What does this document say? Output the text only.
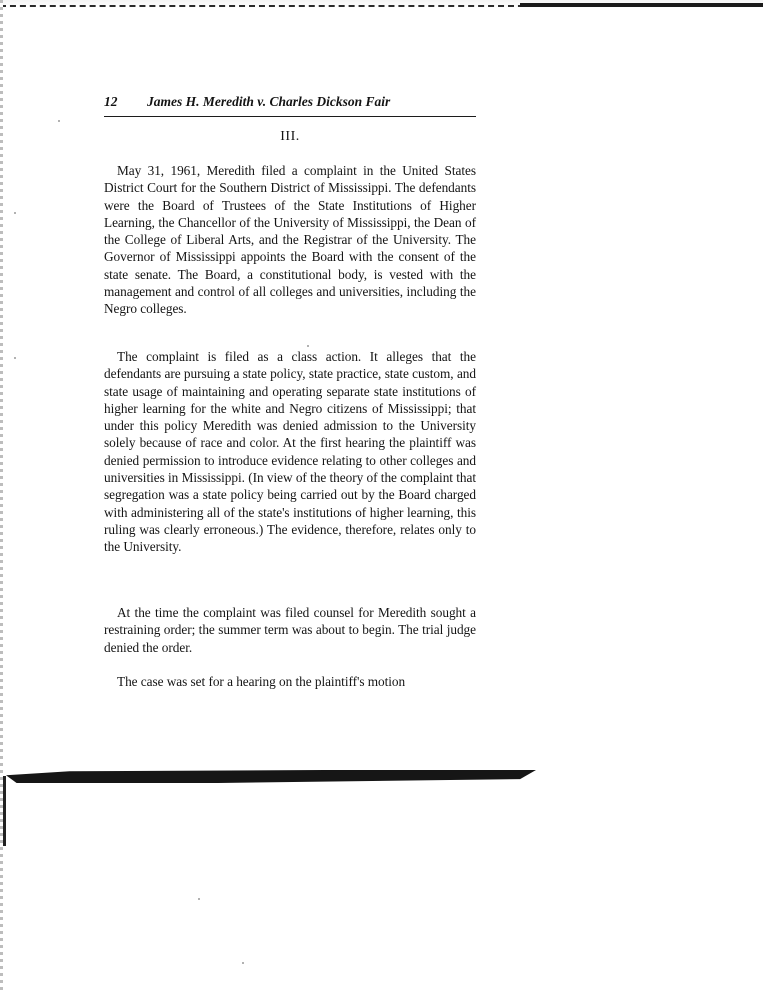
12 James H. Meredith v. Charles Dickson Fair
III.

May 31, 1961, Meredith filed a complaint in the United States District Court for the Southern District of Mississippi. The defendants were the Board of Trustees of the State Institutions of Higher Learning, the Chancellor of the University of Mississippi, the Dean of the College of Liberal Arts, and the Registrar of the University. The Governor of Mississippi appoints the Board with the consent of the state senate. The Board, a constitutional body, is vested with the management and control of all colleges and universities, including the Negro colleges.

The complaint is filed as a class action. It alleges that the defendants are pursuing a state policy, state practice, state custom, and state usage of maintaining and operating separate state institutions of higher learning for the white and Negro citizens of Mississippi; that under this policy Meredith was denied admission to the University solely because of race and color. At the first hearing the plaintiff was denied permission to introduce evidence relating to other colleges and universities in Mississippi. (In view of the theory of the complaint that segregation was a state policy being carried out by the Board charged with administering all of the state's institutions of higher learning, this ruling was clearly erroneous.) The evidence, therefore, relates only to the University.

At the time the complaint was filed counsel for Meredith sought a restraining order; the summer term was about to begin. The trial judge denied the order.

The case was set for a hearing on the plaintiff's motion
